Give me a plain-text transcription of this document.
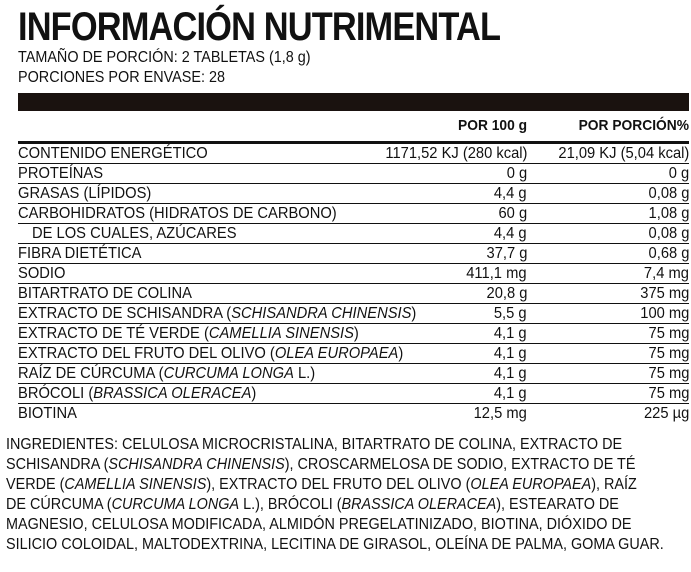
INFORMACIÓN NUTRIMENTAL
TAMAÑO DE PORCIÓN: 2 TABLETAS (1,8 g)
PORCIONES POR ENVASE: 28
	POR 100 g	POR PORCIÓN%
CONTENIDO ENERGÉTICO	1171,52 KJ (280 kcal)	21,09 KJ (5,04 kcal)
PROTEÍNAS	0 g	0 g
GRASAS (LÍPIDOS)	4,4 g	0,08 g
CARBOHIDRATOS (HIDRATOS DE CARBONO)	60 g	1,08 g
DE LOS CUALES, AZÚCARES	4,4 g	0,08 g
FIBRA DIETÉTICA	37,7 g	0,68 g
SODIO	411,1 mg	7,4 mg
BITARTRATO DE COLINA	20,8 g	375 mg
EXTRACTO DE SCHISANDRA (SCHISANDRA CHINENSIS)	5,5 g	100 mg
EXTRACTO DE TÉ VERDE (CAMELLIA SINENSIS)	4,1 g	75 mg
EXTRACTO DEL FRUTO DEL OLIVO (OLEA EUROPAEA)	4,1 g	75 mg
RAÍZ DE CÚRCUMA (CURCUMA LONGA L.)	4,1 g	75 mg
BRÓCOLI (BRASSICA OLERACEA)	4,1 g	75 mg
BIOTINA	12,5 mg	225 µg
INGREDIENTES: CELULOSA MICROCRISTALINA, BITARTRATO DE COLINA, EXTRACTO DE
SCHISANDRA (SCHISANDRA CHINENSIS), CROSCARMELOSA DE SODIO, EXTRACTO DE TÉ
VERDE (CAMELLIA SINENSIS), EXTRACTO DEL FRUTO DEL OLIVO (OLEA EUROPAEA), RAÍZ
DE CÚRCUMA (CURCUMA LONGA L.), BRÓCOLI (BRASSICA OLERACEA), ESTEARATO DE
MAGNESIO, CELULOSA MODIFICADA, ALMIDÓN PREGELATINIZADO, BIOTINA, DIÓXIDO DE
SILICIO COLOIDAL, MALTODEXTRINA, LECITINA DE GIRASOL, OLEÍNA DE PALMA, GOMA GUAR.
